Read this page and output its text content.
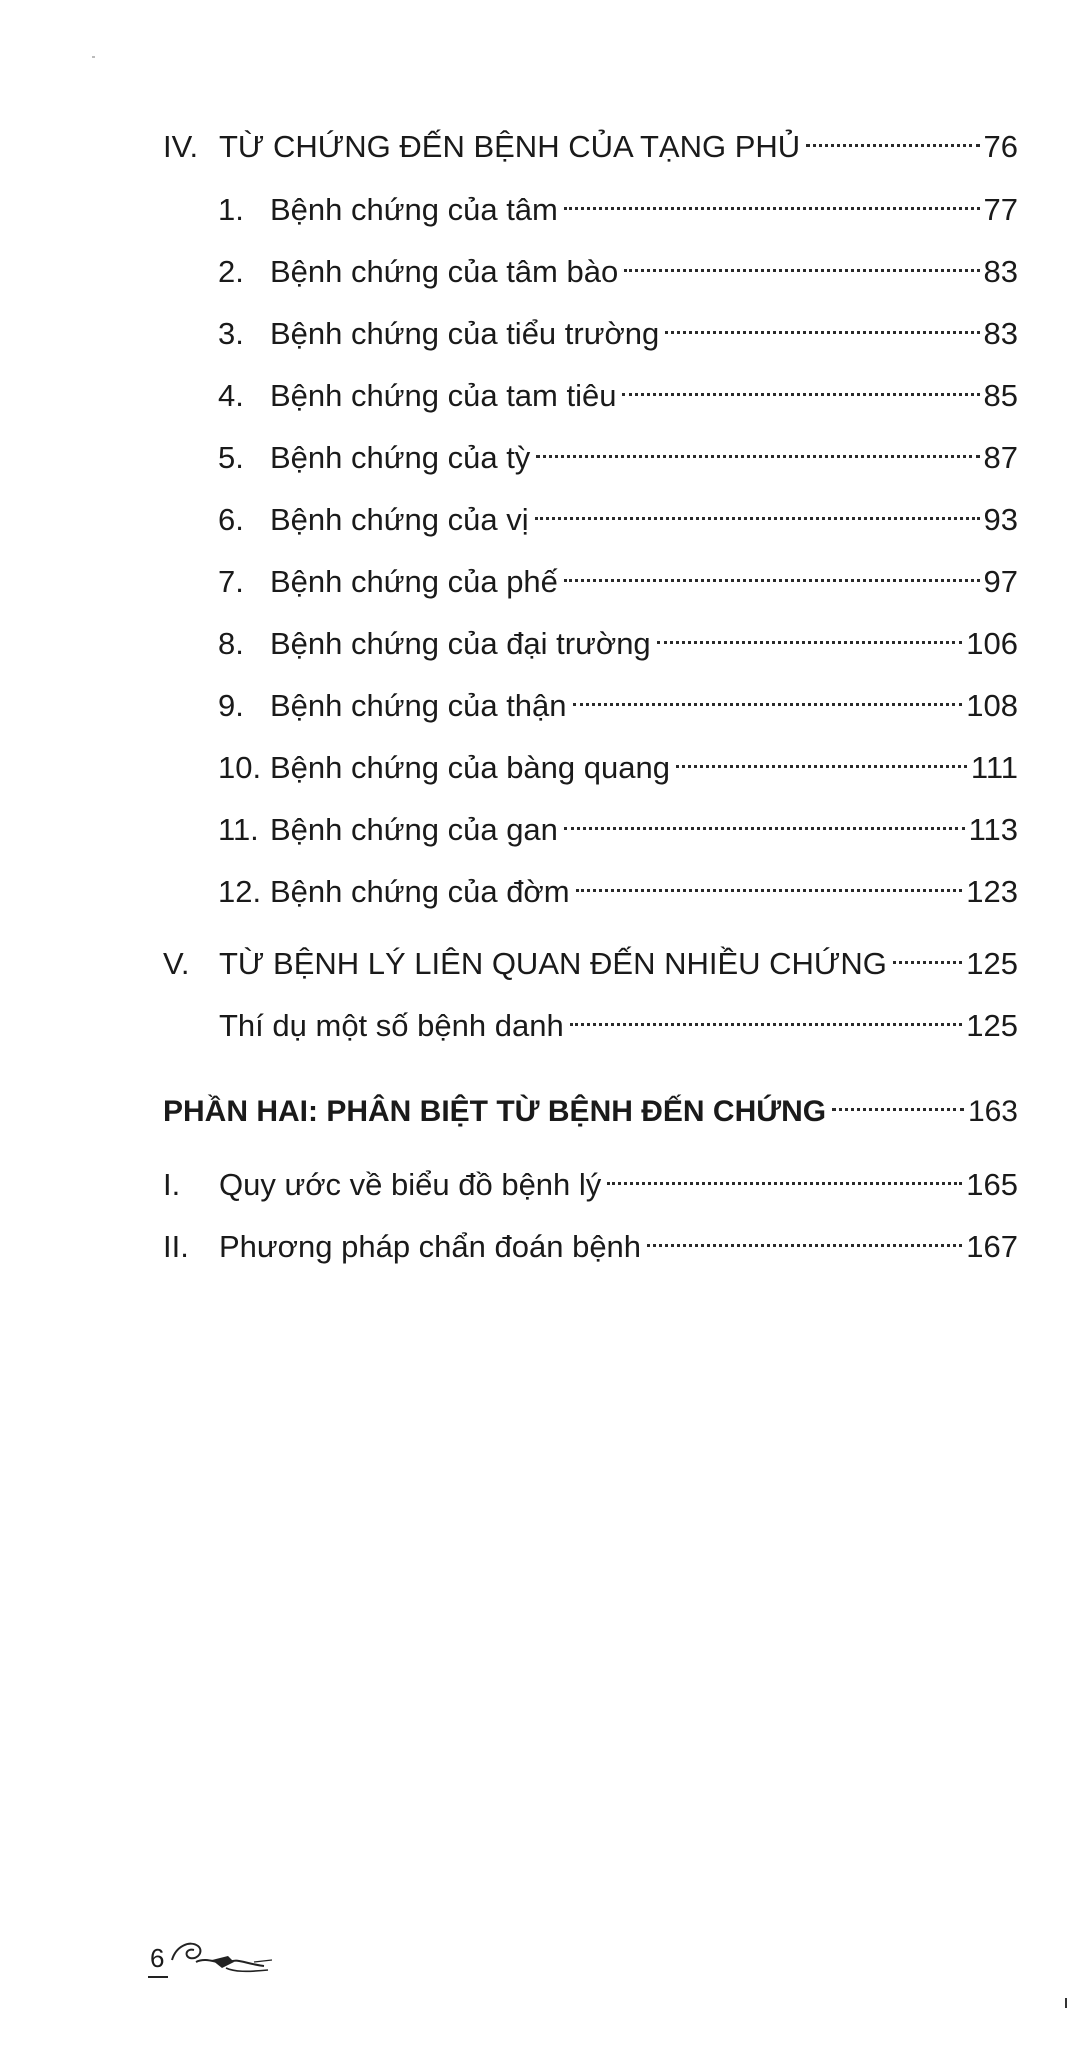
IV. TỪ CHỨNG ĐẾN BỆNH CỦA TẠNG PHỦ	76
1. Bệnh chứng của tâm	77
2. Bệnh chứng của tâm bào	83
3. Bệnh chứng của tiểu trường	83
4. Bệnh chứng của tam tiêu	85
5. Bệnh chứng của tỳ	87
6. Bệnh chứng của vị	93
7. Bệnh chứng của phế	97
8. Bệnh chứng của đại trường	106
9. Bệnh chứng của thận	108
10. Bệnh chứng của bàng quang	111
11. Bệnh chứng của gan	113
12. Bệnh chứng của đờm	123
V. TỪ BỆNH LÝ LIÊN QUAN ĐẾN NHIỀU CHỨNG	125
Thí dụ một số bệnh danh	125
PHẦN HAI: PHÂN BIỆT TỪ BỆNH ĐẾN CHỨNG	163
I.	Quy ước về biểu đồ bệnh lý	165
II. Phương pháp chẩn đoán bệnh	167
6
